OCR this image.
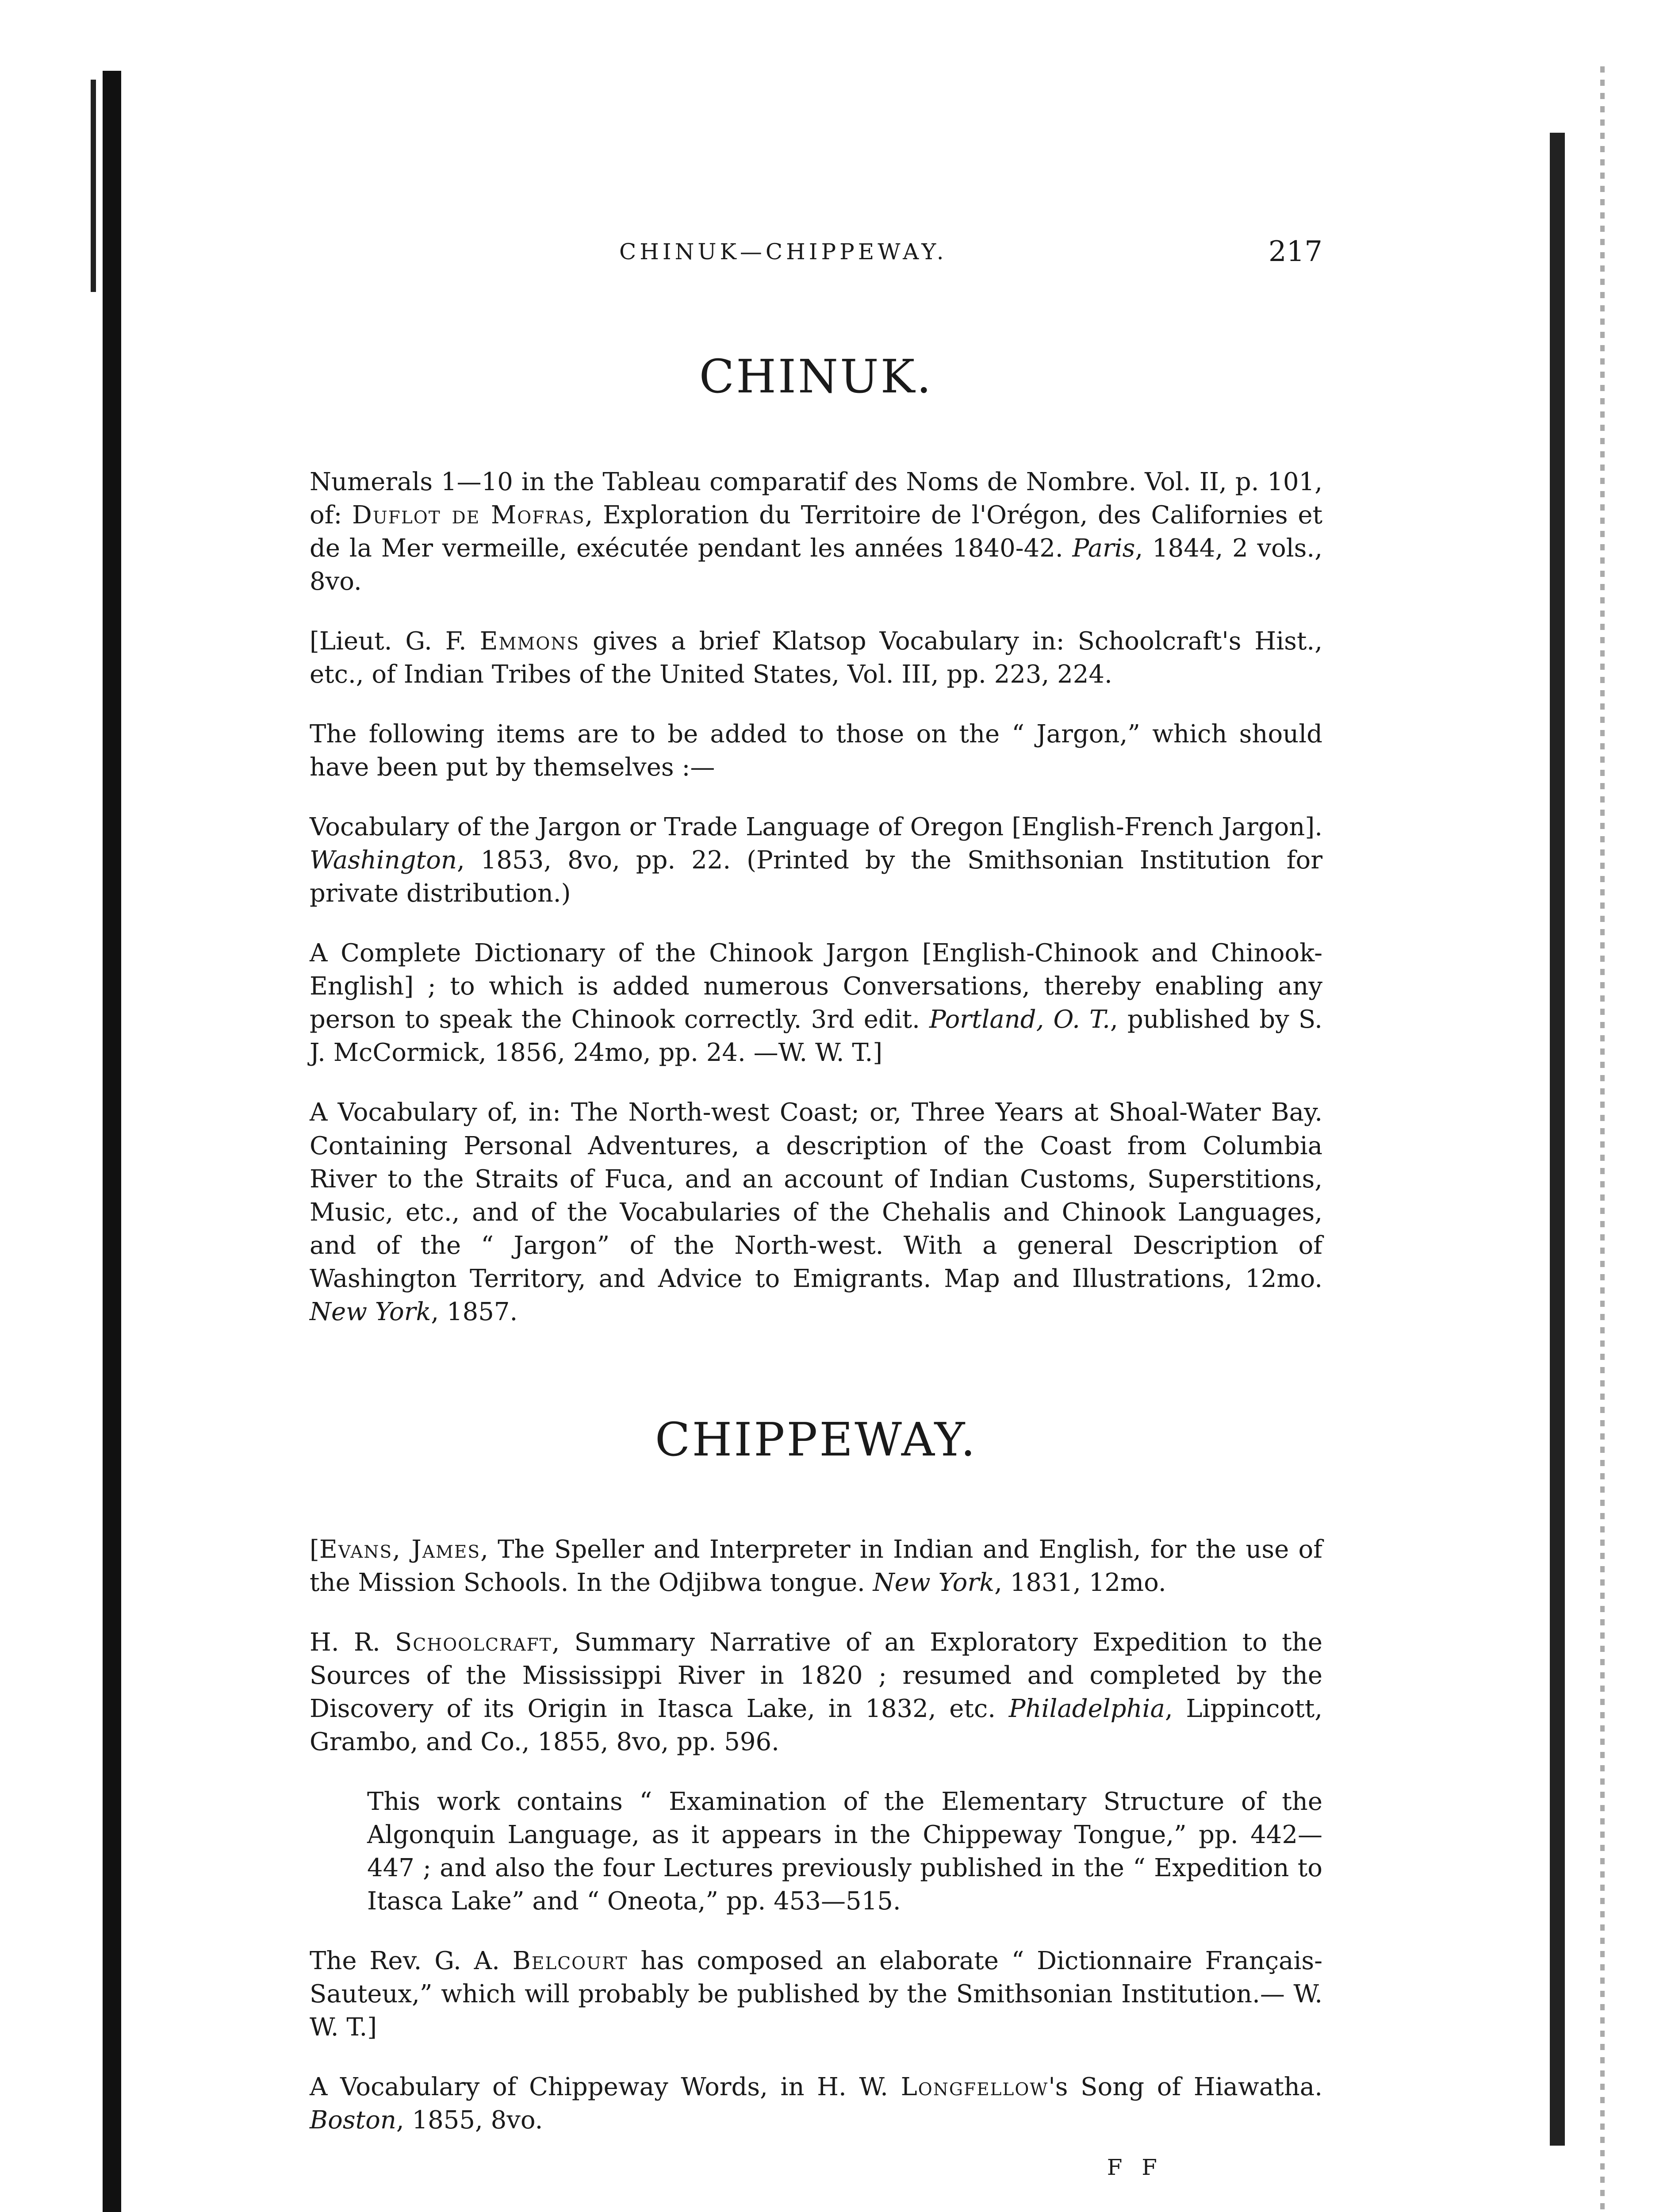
CHINUK—CHIPPEWAY.	217
CHINUK.

Numerals 1—10 in the Tableau comparatif des Noms de Nombre. Vol. II, p. 101, of: Duflot de Mofras, Exploration du Territoire de l'Orégon, des Californies et de la Mer vermeille, exécutée pendant les années 1840-42. Paris, 1844, 2 vols., 8vo.

[Lieut. G. F. Emmons gives a brief Klatsop Vocabulary in: Schoolcraft's Hist., etc., of Indian Tribes of the United States, Vol. III, pp. 223, 224.

The following items are to be added to those on the “ Jargon,” which should have been put by themselves :—

Vocabulary of the Jargon or Trade Language of Oregon [English-French Jargon]. Washington, 1853, 8vo, pp. 22. (Printed by the Smithsonian Institution for private distribution.)

A Complete Dictionary of the Chinook Jargon [English-Chinook and Chinook-English] ; to which is added numerous Conversations, thereby enabling any person to speak the Chinook correctly. 3rd edit. Portland, O. T., published by S. J. McCormick, 1856, 24mo, pp. 24. —W. W. T.]

A Vocabulary of, in: The North-west Coast; or, Three Years at Shoal-Water Bay. Containing Personal Adventures, a description of the Coast from Columbia River to the Straits of Fuca, and an account of Indian Customs, Superstitions, Music, etc., and of the Vocabularies of the Chehalis and Chinook Languages, and of the “ Jargon” of the North-west. With a general Description of Washington Territory, and Advice to Emigrants. Map and Illustrations, 12mo. New York, 1857.

CHIPPEWAY.

[Evans, James, The Speller and Interpreter in Indian and English, for the use of the Mission Schools. In the Odjibwa tongue. New York, 1831, 12mo.

H. R. Schoolcraft, Summary Narrative of an Exploratory Expedition to the Sources of the Mississippi River in 1820 ; resumed and completed by the Discovery of its Origin in Itasca Lake, in 1832, etc. Philadelphia, Lippincott, Grambo, and Co., 1855, 8vo, pp. 596.

This work contains “ Examination of the Elementary Structure of the Algonquin Language, as it appears in the Chippeway Tongue,” pp. 442—447 ; and also the four Lectures previously published in the “ Expedition to Itasca Lake” and “ Oneota,” pp. 453—515.

The Rev. G. A. Belcourt has composed an elaborate “ Dictionnaire Français-Sauteux,” which will probably be published by the Smithsonian Institution.— W. W. T.]

A Vocabulary of Chippeway Words, in H. W. Longfellow's Song of Hiawatha. Boston, 1855, 8vo.

F F
